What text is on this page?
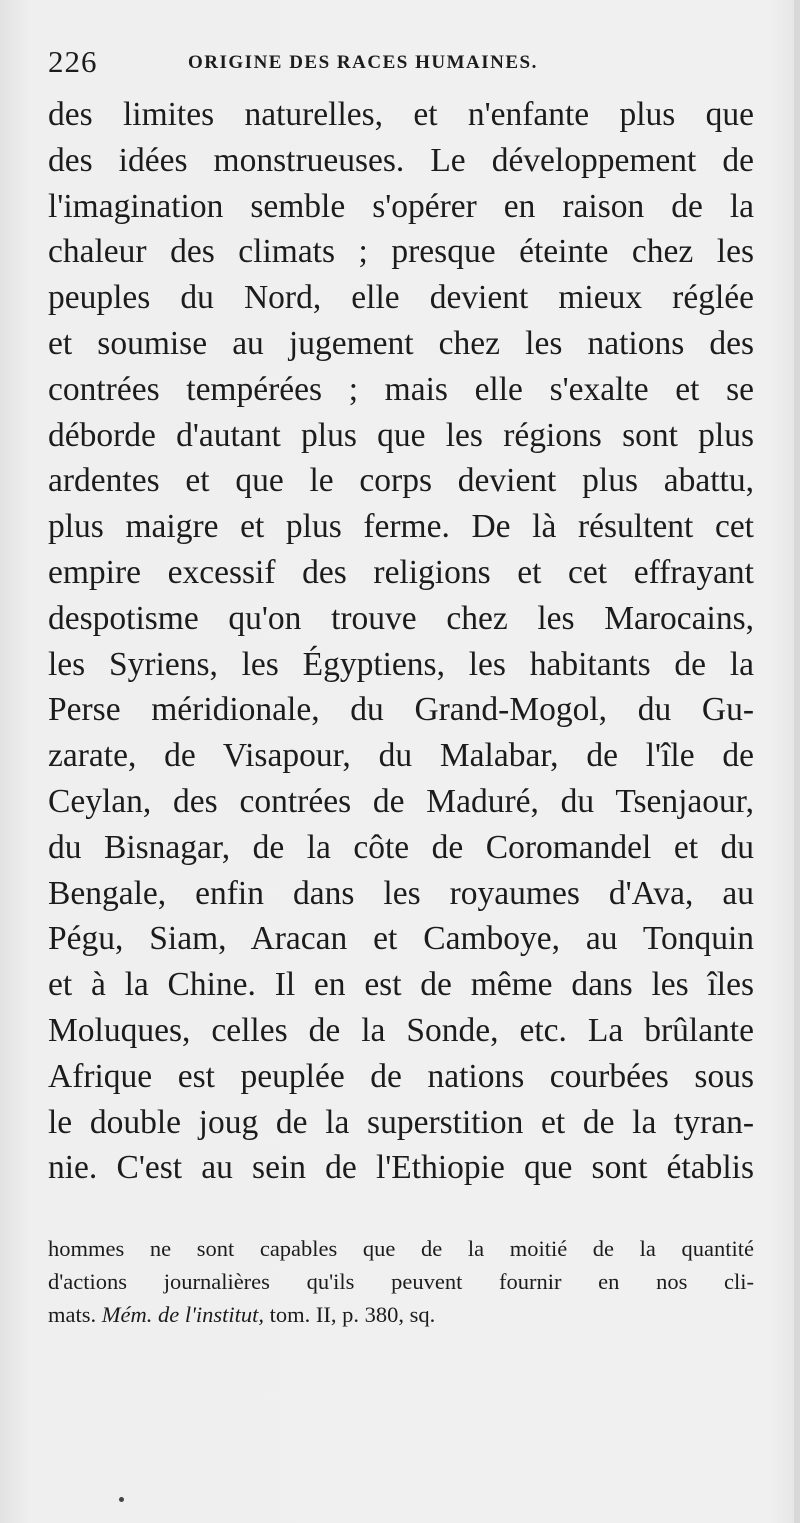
226	ORIGINE DES RACES HUMAINES.
des limites naturelles, et n'enfante plus que
des idées monstrueuses. Le développement de
l'imagination semble s'opérer en raison de la
chaleur des climats ; presque éteinte chez les
peuples du Nord, elle devient mieux réglée
et soumise au jugement chez les nations des
contrées tempérées ; mais elle s'exalte et se
déborde d'autant plus que les régions sont plus
ardentes et que le corps devient plus abattu,
plus maigre et plus ferme. De là résultent cet
empire excessif des religions et cet effrayant
despotisme qu'on trouve chez les Marocains,
les Syriens, les Égyptiens, les habitants de la
Perse méridionale, du Grand-Mogol, du Gu-
zarate, de Visapour, du Malabar, de l'île de
Ceylan, des contrées de Maduré, du Tsenjaour,
du Bisnagar, de la côte de Coromandel et du
Bengale, enfin dans les royaumes d'Ava, au
Pégu, Siam, Aracan et Camboye, au Tonquin
et à la Chine. Il en est de même dans les îles
Moluques, celles de la Sonde, etc. La brûlante
Afrique est peuplée de nations courbées sous
le double joug de la superstition et de la tyran-
nie. C'est au sein de l'Ethiopie que sont établis
hommes ne sont capables que de la moitié de la quantité
d'actions journalières qu'ils peuvent fournir en nos cli-
mats. Mém. de l'institut, tom. II, p. 380, sq.
